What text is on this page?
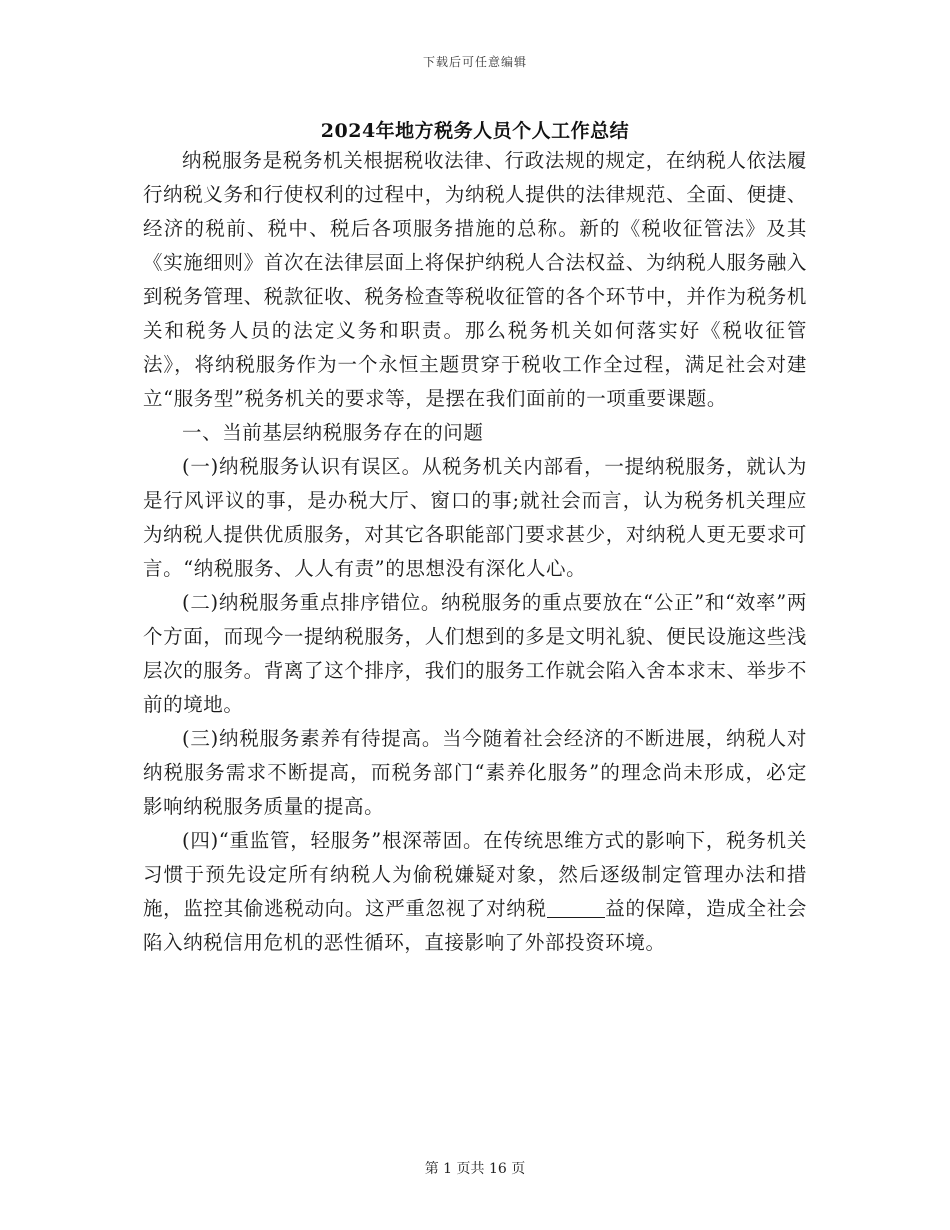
下载后可任意编辑
2024年地方税务人员个人工作总结

纳税服务是税务机关根据税收法律、行政法规的规定，在纳税人依法履行纳税义务和行使权利的过程中，为纳税人提供的法律规范、全面、便捷、经济的税前、税中、税后各项服务措施的总称。新的《税收征管法》及其《实施细则》首次在法律层面上将保护纳税人合法权益、为纳税人服务融入到税务管理、税款征收、税务检查等税收征管的各个环节中，并作为税务机关和税务人员的法定义务和职责。那么税务机关如何落实好《税收征管法》，将纳税服务作为一个永恒主题贯穿于税收工作全过程，满足社会对建立“服务型”税务机关的要求等，是摆在我们面前的一项重要课题。

一、当前基层纳税服务存在的问题

(一)纳税服务认识有误区。从税务机关内部看，一提纳税服务，就认为是行风评议的事，是办税大厅、窗口的事;就社会而言，认为税务机关理应为纳税人提供优质服务，对其它各职能部门要求甚少，对纳税人更无要求可言。“纳税服务、人人有责”的思想没有深化人心。

(二)纳税服务重点排序错位。纳税服务的重点要放在“公正”和“效率”两个方面，而现今一提纳税服务，人们想到的多是文明礼貌、便民设施这些浅层次的服务。背离了这个排序，我们的服务工作就会陷入舍本求末、举步不前的境地。

(三)纳税服务素养有待提高。当今随着社会经济的不断进展，纳税人对纳税服务需求不断提高，而税务部门“素养化服务”的理念尚未形成，必定影响纳税服务质量的提高。

(四)“重监管，轻服务”根深蒂固。在传统思维方式的影响下，税务机关习惯于预先设定所有纳税人为偷税嫌疑对象，然后逐级制定管理办法和措施，监控其偷逃税动向。这严重忽视了对纳税	益的保障，造成全社会陷入纳税信用危机的恶性循环，直接影响了外部投资环境。

第 1 页共 16 页
